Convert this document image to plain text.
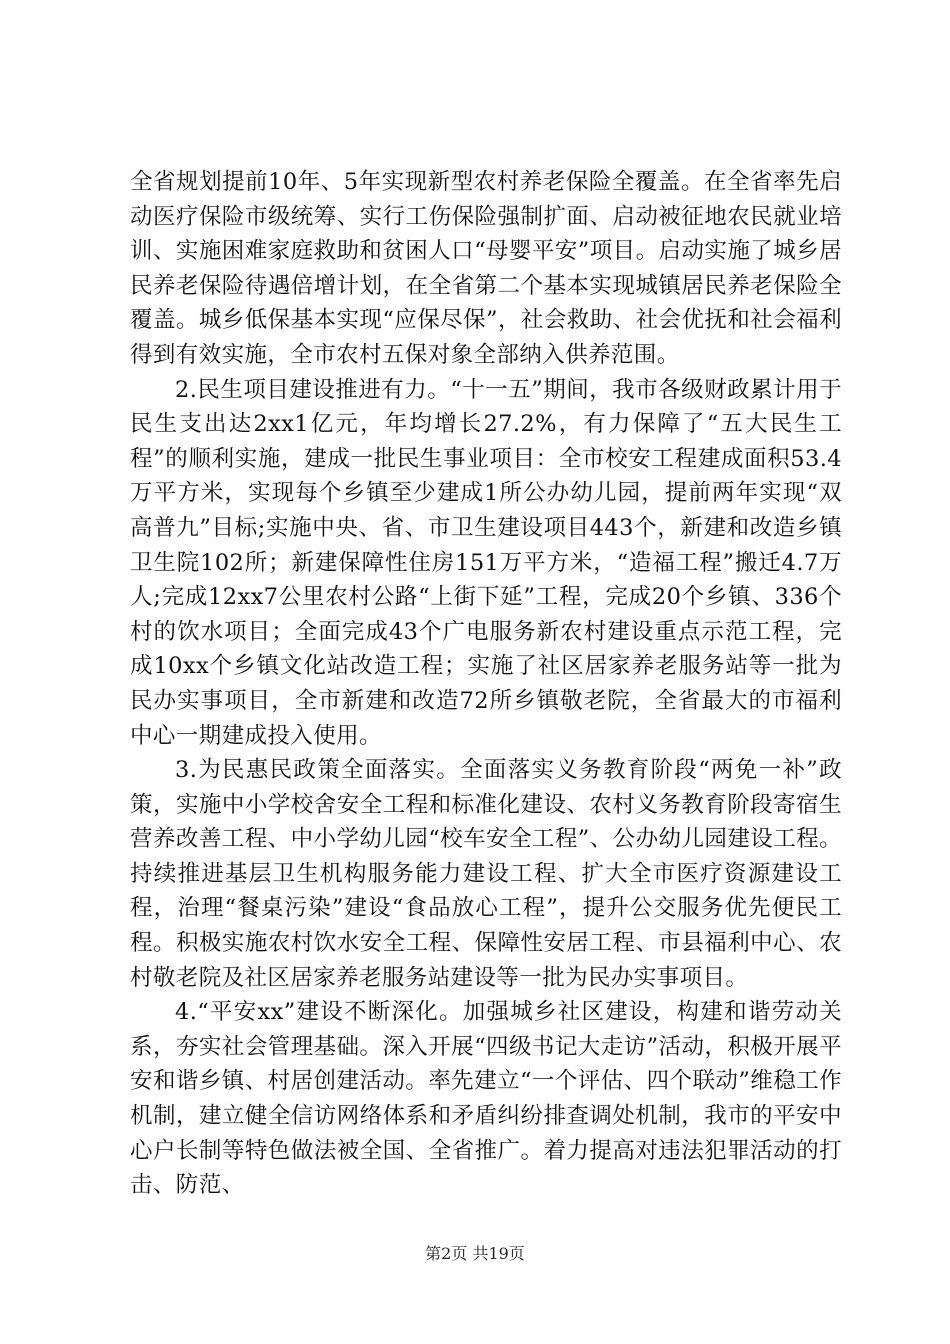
全省规划提前10年、5年实现新型农村养老保险全覆盖。在全省率先启动医疗保险市级统筹、实行工伤保险强制扩面、启动被征地农民就业培训、实施困难家庭救助和贫困人口“母婴平安”项目。启动实施了城乡居民养老保险待遇倍增计划，在全省第二个基本实现城镇居民养老保险全覆盖。城乡低保基本实现“应保尽保”，社会救助、社会优抚和社会福利得到有效实施，全市农村五保对象全部纳入供养范围。

2.民生项目建设推进有力。“十一五”期间，我市各级财政累计用于民生支出达2xx1亿元，年均增长27.2%，有力保障了“五大民生工程”的顺利实施，建成一批民生事业项目：全市校安工程建成面积53.4万平方米，实现每个乡镇至少建成1所公办幼儿园，提前两年实现“双高普九”目标;实施中央、省、市卫生建设项目443个，新建和改造乡镇卫生院102所；新建保障性住房151万平方米，“造福工程”搬迁4.7万人;完成12xx7公里农村公路“上街下延”工程，完成20个乡镇、336个村的饮水项目；全面完成43个广电服务新农村建设重点示范工程，完成10xx个乡镇文化站改造工程；实施了社区居家养老服务站等一批为民办实事项目，全市新建和改造72所乡镇敬老院，全省最大的市福利中心一期建成投入使用。

3.为民惠民政策全面落实。全面落实义务教育阶段“两免一补”政策，实施中小学校舍安全工程和标准化建设、农村义务教育阶段寄宿生营养改善工程、中小学幼儿园“校车安全工程”、公办幼儿园建设工程。持续推进基层卫生机构服务能力建设工程、扩大全市医疗资源建设工程，治理“餐桌污染”建设“食品放心工程”，提升公交服务优先便民工程。积极实施农村饮水安全工程、保障性安居工程、市县福利中心、农村敬老院及社区居家养老服务站建设等一批为民办实事项目。

4.“平安xx”建设不断深化。加强城乡社区建设，构建和谐劳动关系，夯实社会管理基础。深入开展“四级书记大走访”活动，积极开展平安和谐乡镇、村居创建活动。率先建立“一个评估、四个联动”维稳工作机制，建立健全信访网络体系和矛盾纠纷排查调处机制，我市的平安中心户长制等特色做法被全国、全省推广。着力提高对违法犯罪活动的打击、防范、

第2页 共19页
